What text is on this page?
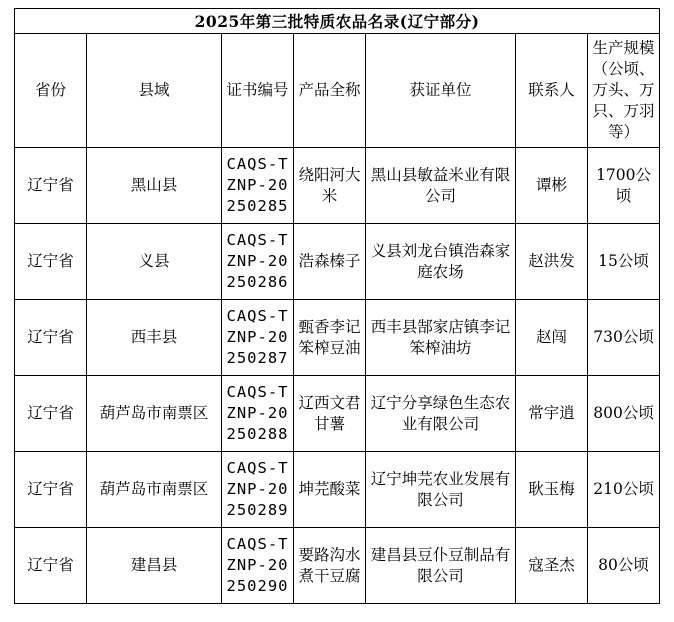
2025年第三批特质农品名录(辽宁部分)						
省份	县域	证书编号	产品全称	获证单位	联系人	生产规模（公顷、万头、万只、万羽等）
辽宁省	黑山县	CAQS-TZNP-20250285	绕阳河大米	黑山县敏益米业有限公司	谭彬	1700公顷
辽宁省	义县	CAQS-TZNP-20250286	浩森榛子	义县刘龙台镇浩森家庭农场	赵洪发	15公顷
辽宁省	西丰县	CAQS-TZNP-20250287	甄香李记笨榨豆油	西丰县郜家店镇李记笨榨油坊	赵闯	730公顷
辽宁省	葫芦岛市南票区	CAQS-TZNP-20250288	辽西文君甘薯	辽宁分享绿色生态农业有限公司	常宇逍	800公顷
辽宁省	葫芦岛市南票区	CAQS-TZNP-20250289	坤芫酸菜	辽宁坤芫农业发展有限公司	耿玉梅	210公顷
辽宁省	建昌县	CAQS-TZNP-20250290	要路沟水煮干豆腐	建昌县豆仆豆制品有限公司	寇圣杰	80公顷
